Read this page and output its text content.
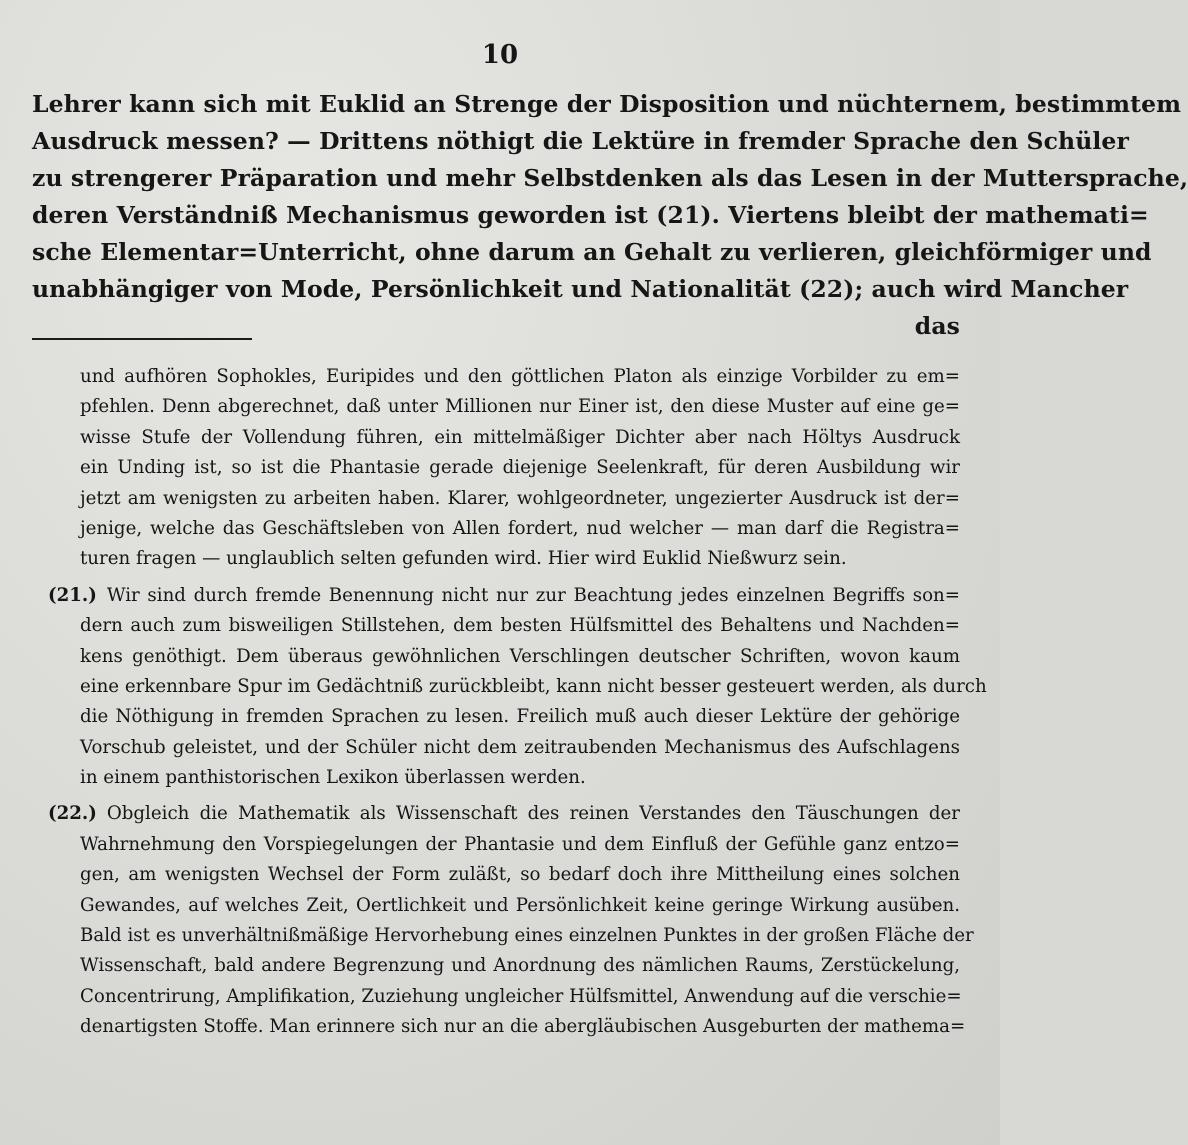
10
Lehrer kann sich mit Euklid an Strenge der Disposition und nüchternem, bestimmtem
Ausdruck messen? — Drittens nöthigt die Lektüre in fremder Sprache den Schüler
zu strengerer Präparation und mehr Selbstdenken als das Lesen in der Muttersprache,
deren Verständniß Mechanismus geworden ist (21). Viertens bleibt der mathemati=
sche Elementar=Unterricht, ohne darum an Gehalt zu verlieren, gleichförmiger und
unabhängiger von Mode, Persönlichkeit und Nationalität (22); auch wird Mancher
das
und aufhören Sophokles, Euripides und den göttlichen Platon als einzige Vorbilder zu em=
pfehlen. Denn abgerechnet, daß unter Millionen nur Einer ist, den diese Muster auf eine ge=
wisse Stufe der Vollendung führen, ein mittelmäßiger Dichter aber nach Höltys Ausdruck
ein Unding ist, so ist die Phantasie gerade diejenige Seelenkraft, für deren Ausbildung wir
jetzt am wenigsten zu arbeiten haben. Klarer, wohlgeordneter, ungezierter Ausdruck ist der=
jenige, welche das Geschäftsleben von Allen fordert, nud welcher — man darf die Registra=
turen fragen — unglaublich selten gefunden wird. Hier wird Euklid Nießwurz sein.
(21.) Wir sind durch fremde Benennung nicht nur zur Beachtung jedes einzelnen Begriffs son=
dern auch zum bisweiligen Stillstehen, dem besten Hülfsmittel des Behaltens und Nachden=
kens genöthigt. Dem überaus gewöhnlichen Verschlingen deutscher Schriften, wovon kaum
eine erkennbare Spur im Gedächtniß zurückbleibt, kann nicht besser gesteuert werden, als durch
die Nöthigung in fremden Sprachen zu lesen. Freilich muß auch dieser Lektüre der gehörige
Vorschub geleistet, und der Schüler nicht dem zeitraubenden Mechanismus des Aufschlagens
in einem panthistorischen Lexikon überlassen werden.
(22.) Obgleich die Mathematik als Wissenschaft des reinen Verstandes den Täuschungen der
Wahrnehmung den Vorspiegelungen der Phantasie und dem Einfluß der Gefühle ganz entzo=
gen, am wenigsten Wechsel der Form zuläßt, so bedarf doch ihre Mittheilung eines solchen
Gewandes, auf welches Zeit, Oertlichkeit und Persönlichkeit keine geringe Wirkung ausüben.
Bald ist es unverhältnißmäßige Hervorhebung eines einzelnen Punktes in der großen Fläche der
Wissenschaft, bald andere Begrenzung und Anordnung des nämlichen Raums, Zerstückelung,
Concentrirung, Amplifikation, Zuziehung ungleicher Hülfsmittel, Anwendung auf die verschie=
denartigsten Stoffe. Man erinnere sich nur an die abergläubischen Ausgeburten der mathema=
